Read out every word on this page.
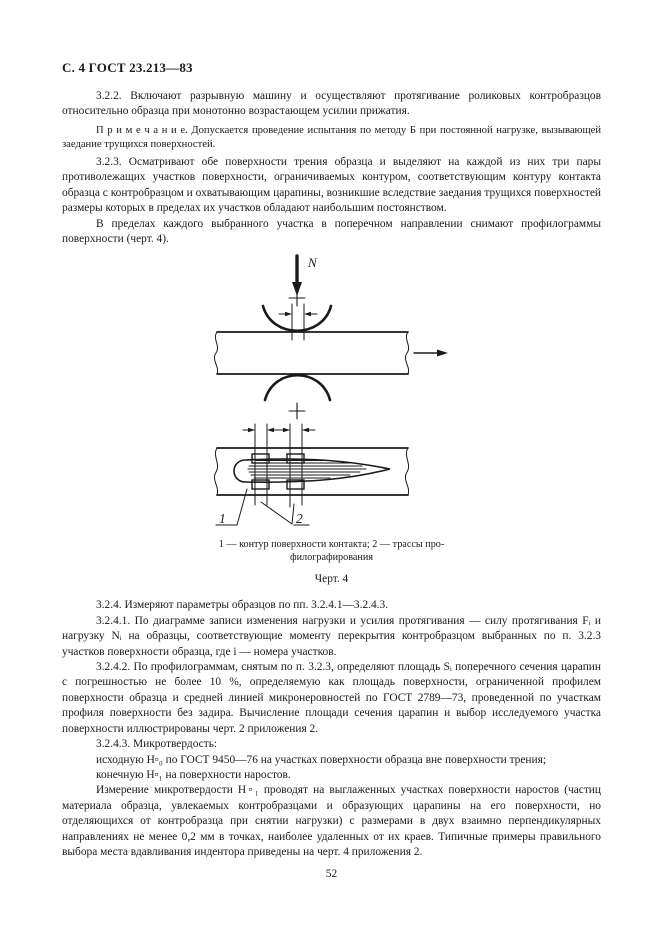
С. 4 ГОСТ 23.213—83

3.2.2. Включают разрывную машину и осуществляют протягивание роликовых контробразцов относительно образца при монотонно возрастающем усилии прижатия.

П р и м е ч а н и е. Допускается проведение испытания по методу Б при постоянной нагрузке, вызывающей заедание трущихся поверхностей.

3.2.3. Осматривают обе поверхности трения образца и выделяют на каждой из них три пары противолежащих участков поверхности, ограничиваемых контуром, соответствующим контуру контакта образца с контробразцом и охватывающим царапины, возникшие вследствие заедания трущихся поверхностей размеры которых в пределах их участков обладают наибольшим постоянством.

В пределах каждого выбранного участка в поперечном направлении снимают профилограммы поверхности (черт. 4).

N
1	2
1 — контур поверхности контакта; 2 — трассы про-
филографирования
Черт. 4

3.2.4. Измеряют параметры образцов по пп. 3.2.4.1—3.2.4.3.

3.2.4.1. По диаграмме записи изменения нагрузки и усилия протягивания — силу протягивания Fᵢ и нагрузку Nᵢ на образцы, соответствующие моменту перекрытия контробразцом выбранных по п. 3.2.3 участков поверхности образца, где i — номера участков.

3.2.4.2. По профилограммам, снятым по п. 3.2.3, определяют площадь Sᵢ поперечного сечения царапин с погрешностью не более 10 %, определяемую как площадь поверхности, ограниченной профилем поверхности образца и средней линией микронеровностей по ГОСТ 2789—73, проведенной по участкам профиля поверхности без задира. Вычисление площади сечения царапин и выбор исследуемого участка поверхности иллюстрированы черт. 2 приложения 2.

3.2.4.3. Микротвердость:

исходную H▫₀ по ГОСТ 9450—76 на участках поверхности образца вне поверхности трения;

конечную H▫₁ на поверхности наростов.

Измерение микротвердости H▫₁ проводят на выглаженных участках поверхности наростов (частиц материала образца, увлекаемых контробразцами и образующих царапины на его поверхности, но отделяющихся от контробразца при снятии нагрузки) с размерами в двух взаимно перпендикулярных направлениях не менее 0,2 мм в точках, наиболее удаленных от их краев. Типичные примеры правильного выбора места вдавливания индентора приведены на черт. 4 приложения 2.

52
